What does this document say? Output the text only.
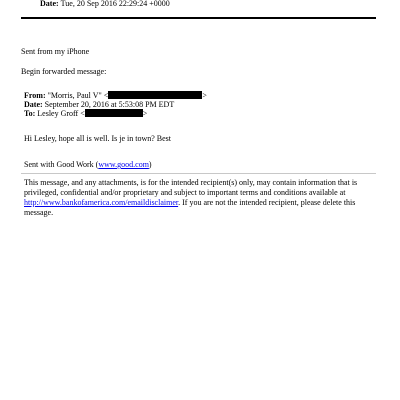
Date: Tue, 20 Sep 2016 22:29:24 +0000
Sent from my iPhone
Begin forwarded message:
From: "Morris, Paul V" <	>
Date: September 20, 2016 at 5:53:08 PM EDT
To: Lesley Groff <	>
Hi Lesley, hope all is well. Is je in town? Best
Sent with Good Work (www.good.com)
This message, and any attachments, is for the intended recipient(s) only, may contain information that is privileged, confidential and/or proprietary and subject to important terms and conditions available at http://www.bankofamerica.com/emaildisclaimer. If you are not the intended recipient, please delete this message.
